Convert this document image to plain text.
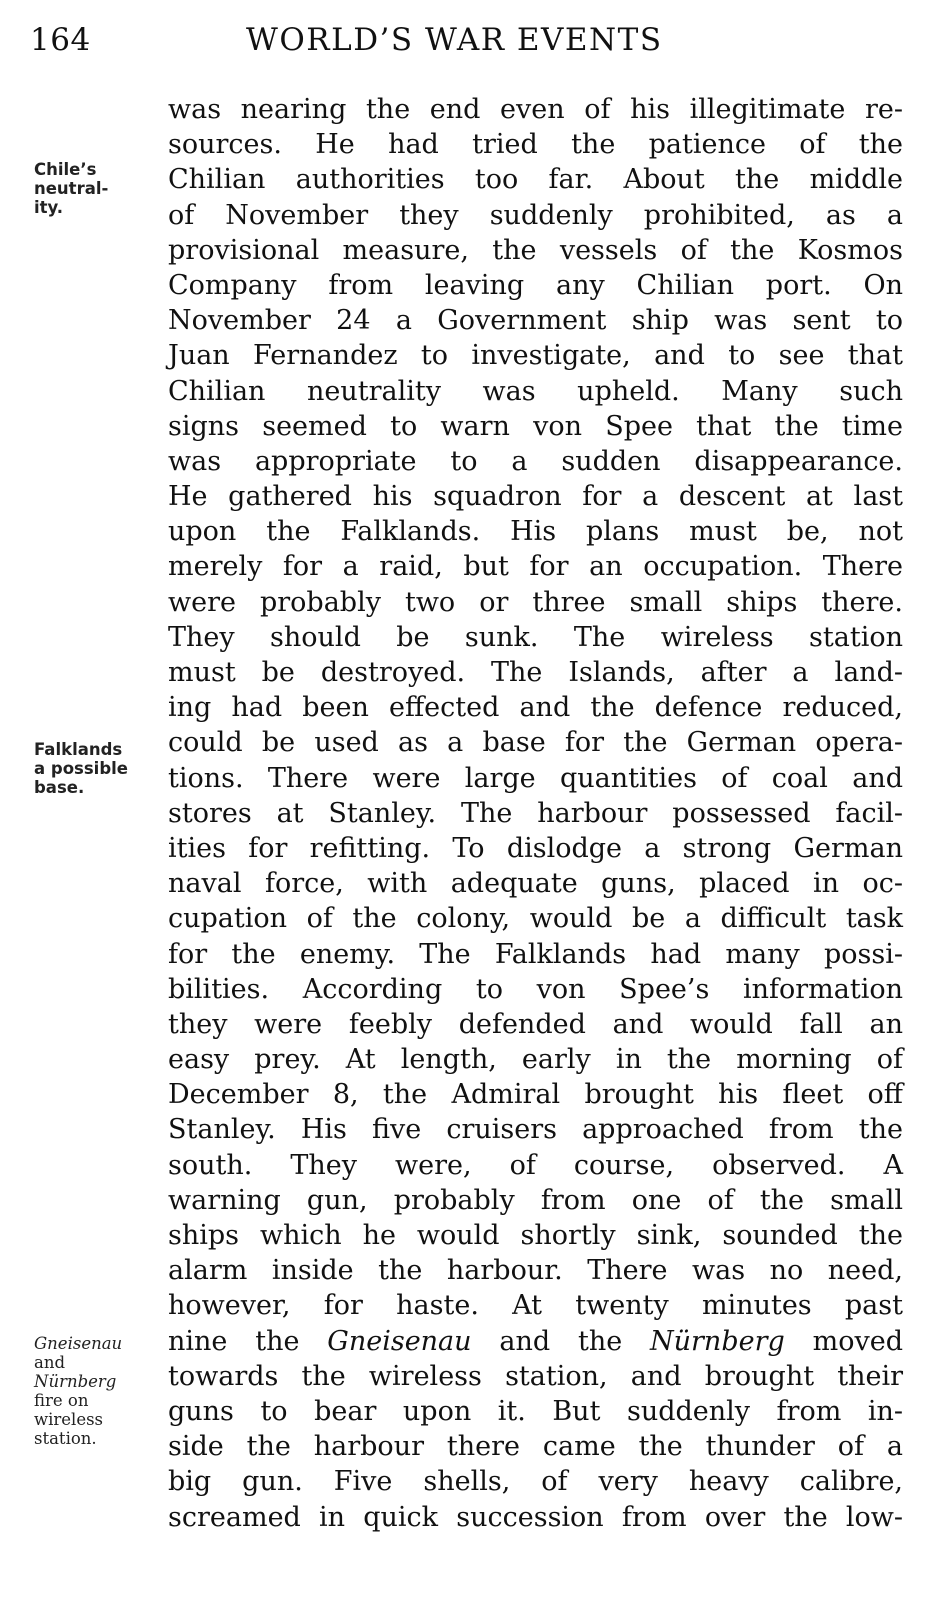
164	WORLD’S WAR EVENTS
Chile’s
neutral-
ity.
Falklands
a possible
base.
Gneisenau
and
Nürnberg
fire on
wireless
station.
was nearing the end even of his illegitimate re-
sources. He had tried the patience of the
Chilian authorities too far. About the middle
of November they suddenly prohibited, as a
provisional measure, the vessels of the Kosmos
Company from leaving any Chilian port. On
November 24 a Government ship was sent to
Juan Fernandez to investigate, and to see that
Chilian neutrality was upheld. Many such
signs seemed to warn von Spee that the time
was appropriate to a sudden disappearance.
He gathered his squadron for a descent at last
upon the Falklands. His plans must be, not
merely for a raid, but for an occupation. There
were probably two or three small ships there.
They should be sunk. The wireless station
must be destroyed. The Islands, after a land-
ing had been effected and the defence reduced,
could be used as a base for the German opera-
tions. There were large quantities of coal and
stores at Stanley. The harbour possessed facil-
ities for refitting. To dislodge a strong German
naval force, with adequate guns, placed in oc-
cupation of the colony, would be a difficult task
for the enemy. The Falklands had many possi-
bilities. According to von Spee’s information
they were feebly defended and would fall an
easy prey. At length, early in the morning of
December 8, the Admiral brought his fleet off
Stanley. His five cruisers approached from the
south. They were, of course, observed. A
warning gun, probably from one of the small
ships which he would shortly sink, sounded the
alarm inside the harbour. There was no need,
however, for haste. At twenty minutes past
nine the Gneisenau and the Nürnberg moved
towards the wireless station, and brought their
guns to bear upon it. But suddenly from in-
side the harbour there came the thunder of a
big gun. Five shells, of very heavy calibre,
screamed in quick succession from over the low-
